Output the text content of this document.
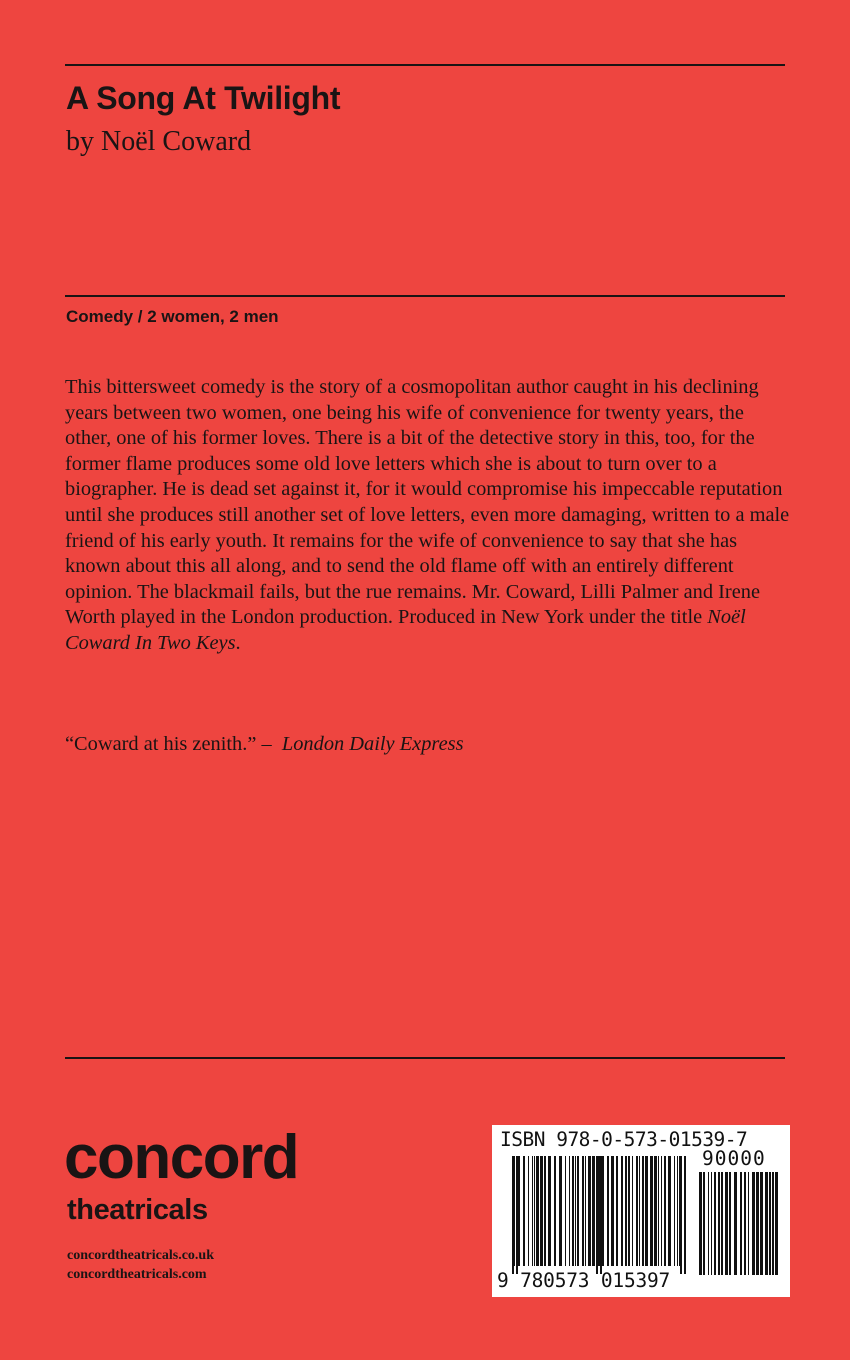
A Song At Twilight
by Noël Coward
Comedy / 2 women, 2 men

This bittersweet comedy is the story of a cosmopolitan author caught in his declining years between two women, one being his wife of convenience for twenty years, the other, one of his former loves. There is a bit of the detective story in this, too, for the former flame produces some old love letters which she is about to turn over to a biographer. He is dead set against it, for it would compromise his impeccable reputation until she produces still another set of love letters, even more damaging, written to a male friend of his early youth. It remains for the wife of convenience to say that she has known about this all along, and to send the old flame off with an entirely different opinion. The blackmail fails, but the rue remains. Mr. Coward, Lilli Palmer and Irene Worth played in the London production. Produced in New York under the title Noël Coward In Two Keys.

“Coward at his zenith.” – London Daily Express
concord
theatricals
concordtheatricals.co.uk
concordtheatricals.com
ISBN 978-0-573-01539-7
90000
9 780573 015397
